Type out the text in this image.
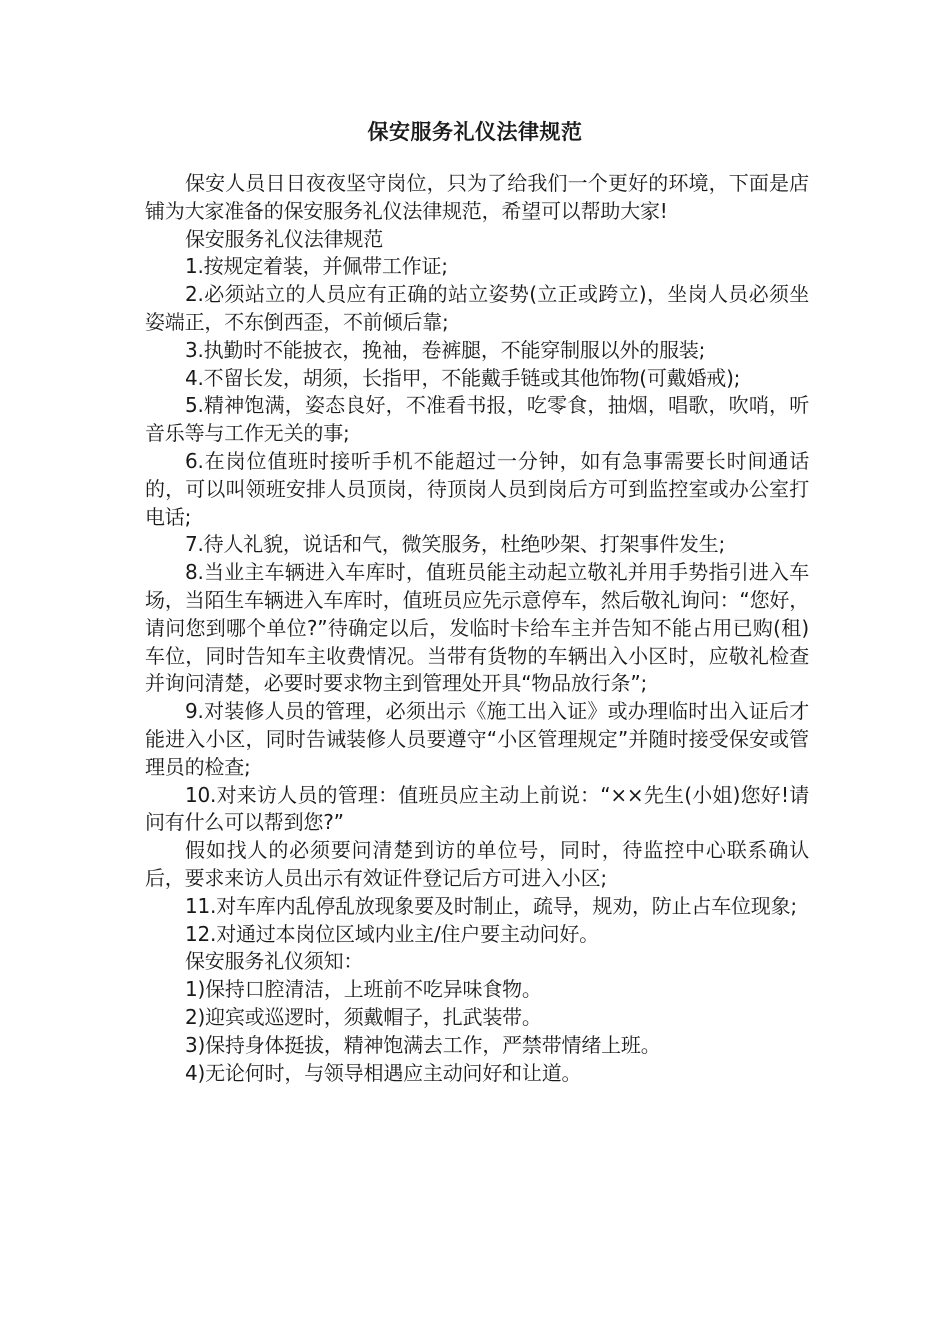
保安服务礼仪法律规范

保安人员日日夜夜坚守岗位，只为了给我们一个更好的环境，下面是店铺为大家准备的保安服务礼仪法律规范，希望可以帮助大家!

保安服务礼仪法律规范

1.按规定着装，并佩带工作证;

2.必须站立的人员应有正确的站立姿势(立正或跨立)，坐岗人员必须坐姿端正，不东倒西歪，不前倾后靠;

3.执勤时不能披衣，挽袖，卷裤腿，不能穿制服以外的服装;

4.不留长发，胡须，长指甲，不能戴手链或其他饰物(可戴婚戒);

5.精神饱满，姿态良好，不准看书报，吃零食，抽烟，唱歌，吹哨，听音乐等与工作无关的事;

6.在岗位值班时接听手机不能超过一分钟，如有急事需要长时间通话的，可以叫领班安排人员顶岗，待顶岗人员到岗后方可到监控室或办公室打电话;

7.待人礼貌，说话和气，微笑服务，杜绝吵架、打架事件发生;

8.当业主车辆进入车库时，值班员能主动起立敬礼并用手势指引进入车场，当陌生车辆进入车库时，值班员应先示意停车，然后敬礼询问：“您好，请问您到哪个单位?”待确定以后，发临时卡给车主并告知不能占用已购(租)车位，同时告知车主收费情况。当带有货物的车辆出入小区时，应敬礼检查并询问清楚，必要时要求物主到管理处开具“物品放行条”;

9.对装修人员的管理，必须出示《施工出入证》或办理临时出入证后才能进入小区，同时告诫装修人员要遵守“小区管理规定”并随时接受保安或管理员的检查;

10.对来访人员的管理：值班员应主动上前说：“××先生(小姐)您好!请问有什么可以帮到您?”

假如找人的必须要问清楚到访的单位号，同时，待监控中心联系确认后，要求来访人员出示有效证件登记后方可进入小区;

11.对车库内乱停乱放现象要及时制止，疏导，规劝，防止占车位现象;

12.对通过本岗位区域内业主/住户要主动问好。

保安服务礼仪须知：

1)保持口腔清洁，上班前不吃异味食物。

2)迎宾或巡逻时，须戴帽子，扎武装带。

3)保持身体挺拔，精神饱满去工作，严禁带情绪上班。

4)无论何时，与领导相遇应主动问好和让道。
